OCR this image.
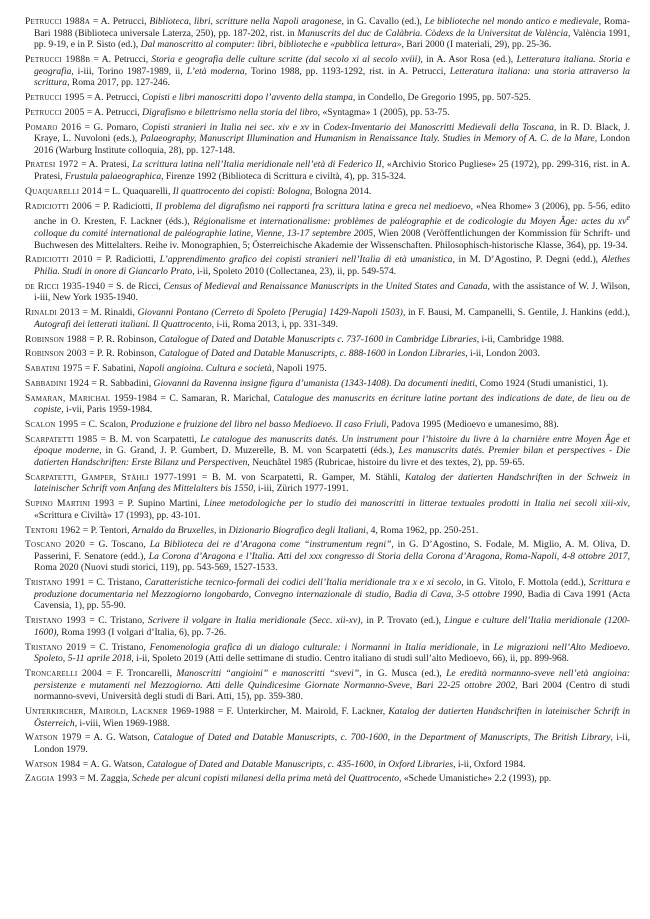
Petrucci 1988a = A. Petrucci, Biblioteca, libri, scritture nella Napoli aragonese, in G. Cavallo (ed.), Le biblioteche nel mondo antico e medievale, Roma-Bari 1988 (Biblioteca universale Laterza, 250), pp. 187-202, rist. in Manuscrits del duc de Calàbria. Còdexs de la Universitat de València, València 1991, pp. 9-19, e in P. Sisto (ed.), Dal manoscritto al computer: libri, biblioteche e «pubblica lettura», Bari 2000 (I materiali, 29), pp. 25-36.

Petrucci 1988b = A. Petrucci, Storia e geografia delle culture scritte (dal secolo xi al secolo xviii), in A. Asor Rosa (ed.), Letteratura italiana. Storia e geografia, i-iii, Torino 1987-1989, ii, L’età moderna, Torino 1988, pp. 1193-1292, rist. in A. Petrucci, Letteratura italiana: una storia attraverso la scrittura, Roma 2017, pp. 127-246.

Petrucci 1995 = A. Petrucci, Copisti e libri manoscritti dopo l’avvento della stampa, in Condello, De Gregorio 1995, pp. 507-525.

Petrucci 2005 = A. Petrucci, Digrafismo e bilettrismo nella storia del libro, «Syntagma» 1 (2005), pp. 53-75.

Pomaro 2016 = G. Pomaro, Copisti stranieri in Italia nei sec. xiv e xv in Codex-Inventario dei Manoscritti Medievali della Toscana, in R. D. Black, J. Kraye, L. Nuvoloni (eds.), Palaeography, Manuscript Illumination and Humanism in Renaissance Italy. Studies in Memory of A. C. de la Mare, London 2016 (Warburg Institute colloquia, 28), pp. 127-148.

Pratesi 1972 = A. Pratesi, La scrittura latina nell’Italia meridionale nell’età di Federico II, «Archivio Storico Pugliese» 25 (1972), pp. 299-316, rist. in A. Pratesi, Frustula palaeographica, Firenze 1992 (Biblioteca di Scrittura e civiltà, 4), pp. 315-324.

Quaquarelli 2014 = L. Quaquarelli, Il quattrocento dei copisti: Bologna, Bologna 2014.

Radiciotti 2006 = P. Radiciotti, Il problema del digrafismo nei rapporti fra scrittura latina e greca nel medioevo, «Nea Rhome» 3 (2006), pp. 5-56, edito anche in O. Kresten, F. Lackner (éds.), Régionalisme et internationalisme: problèmes de paléographie et de codicologie du Moyen Âge: actes du $xv^e$ colloque du comité international de paléographie latine, Vienne, 13-17 septembre 2005, Wien 2008 (Veröffentlichungen der Kommission für Schrift- und Buchwesen des Mittelalters. Reihe iv. Monographien, 5; Österreichische Akademie der Wissenschaften. Philosophisch-historische Klasse, 364), pp. 19-34.

Radiciotti 2010 = P. Radiciotti, L’apprendimento grafico dei copisti stranieri nell’Italia di età umanistica, in M. D’Agostino, P. Degni (edd.), Alethes Philia. Studi in onore di Giancarlo Prato, i-ii, Spoleto 2010 (Collectanea, 23), ii, pp. 549-574.

de Ricci 1935-1940 = S. de Ricci, Census of Medieval and Renaissance Manuscripts in the United States and Canada, with the assistance of W. J. Wilson, i-iii, New York 1935-1940.

Rinaldi 2013 = M. Rinaldi, Giovanni Pontano (Cerreto di Spoleto [Perugia] 1429-Napoli 1503), in F. Bausi, M. Campanelli, S. Gentile, J. Hankins (edd.), Autografi dei letterati italiani. Il Quattrocento, i-ii, Roma 2013, i, pp. 331-349.

Robinson 1988 = P. R. Robinson, Catalogue of Dated and Datable Manuscripts c. 737-1600 in Cambridge Libraries, i-ii, Cambridge 1988.

Robinson 2003 = P. R. Robinson, Catalogue of Dated and Datable Manuscripts, c. 888-1600 in London Libraries, i-ii, London 2003.

Sabatini 1975 = F. Sabatini, Napoli angioina. Cultura e società, Napoli 1975.

Sabbadini 1924 = R. Sabbadini, Giovanni da Ravenna insigne figura d’umanista (1343-1408). Da documenti inediti, Como 1924 (Studi umanistici, 1).

Samaran, Marichal 1959-1984 = C. Samaran, R. Marichal, Catalogue des manuscrits en écriture latine portant des indications de date, de lieu ou de copiste, i-vii, Paris 1959-1984.

Scalon 1995 = C. Scalon, Produzione e fruizione del libro nel basso Medioevo. Il caso Friuli, Padova 1995 (Medioevo e umanesimo, 88).

Scarpatetti 1985 = B. M. von Scarpatetti, Le catalogue des manuscrits datés. Un instrument pour l’histoire du livre à la charnière entre Moyen Âge et époque moderne, in G. Grand, J. P. Gumbert, D. Muzerelle, B. M. von Scarpatetti (éds.), Les manuscrits datés. Premier bilan et perspectives - Die datierten Handschriften: Erste Bilanz und Perspectiven, Neuchâtel 1985 (Rubricae, histoire du livre et des textes, 2), pp. 59-65.

Scarpatetti, Gamper, Stähli 1977-1991 = B. M. von Scarpatetti, R. Gamper, M. Stähli, Katalog der datierten Handschriften in der Schweiz in lateinischer Schrift vom Anfang des Mittelalters bis 1550, i-iii, Zürich 1977-1991.

Supino Martini 1993 = P. Supino Martini, Linee metodologiche per lo studio dei manoscritti in litterae textuales prodotti in Italia nei secoli xiii-xiv, «Scrittura e Civiltà» 17 (1993), pp. 43-101.

Tentori 1962 = P. Tentori, Arnaldo da Bruxelles, in Dizionario Biografico degli Italiani, 4, Roma 1962, pp. 250-251.

Toscano 2020 = G. Toscano, La Biblioteca dei re d’Aragona come “instrumentum regni”, in G. D’Agostino, S. Fodale, M. Miglio, A. M. Oliva, D. Passerini, F. Senatore (edd.), La Corona d’Aragona e l’Italia. Atti del xxx congresso di Storia della Corona d’Aragona, Roma-Napoli, 4-8 ottobre 2017, Roma 2020 (Nuovi studi storici, 119), pp. 543-569, 1527-1533.

Tristano 1991 = C. Tristano, Caratteristiche tecnico-formali dei codici dell’Italia meridionale tra x e xi secolo, in G. Vitolo, F. Mottola (edd.), Scrittura e produzione documentaria nel Mezzogiorno longobardo, Convegno internazionale di studio, Badia di Cava, 3-5 ottobre 1990, Badia di Cava 1991 (Acta Cavensia, 1), pp. 55-90.

Tristano 1993 = C. Tristano, Scrivere il volgare in Italia meridionale (Secc. xii-xv), in P. Trovato (ed.), Lingue e culture dell’Italia meridionale (1200-1600), Roma 1993 (I volgari d’Italia, 6), pp. 7-26.

Tristano 2019 = C. Tristano, Fenomenologia grafica di un dialogo culturale: i Normanni in Italia meridionale, in Le migrazioni nell’Alto Medioevo. Spoleto, 5-11 aprile 2018, i-ii, Spoleto 2019 (Atti delle settimane di studio. Centro italiano di studi sull’alto Medioevo, 66), ii, pp. 899-968.

Troncarelli 2004 = F. Troncarelli, Manoscritti “angioini” e manoscritti “svevi”, in G. Musca (ed.), Le eredità normanno-sveve nell’età angioina: persistenze e mutamenti nel Mezzogiorno. Atti delle Quindicesime Giornate Normanno-Sveve, Bari 22-25 ottobre 2002, Bari 2004 (Centro di studi normanno-svevi, Università degli studi di Bari. Atti, 15), pp. 359-380.

Unterkircher, Mairold, Lackner 1969-1988 = F. Unterkircher, M. Mairold, F. Lackner, Katalog der datierten Handschriften in lateinischer Schrift in Österreich, i-viii, Wien 1969-1988.

Watson 1979 = A. G. Watson, Catalogue of Dated and Datable Manuscripts, c. 700-1600, in the Department of Manuscripts, The British Library, i-ii, London 1979.

Watson 1984 = A. G. Watson, Catalogue of Dated and Datable Manuscripts, c. 435-1600, in Oxford Libraries, i-ii, Oxford 1984.

Zaggia 1993 = M. Zaggia, Schede per alcuni copisti milanesi della prima metà del Quattrocento, «Schede Umanistiche» 2.2 (1993), pp.
